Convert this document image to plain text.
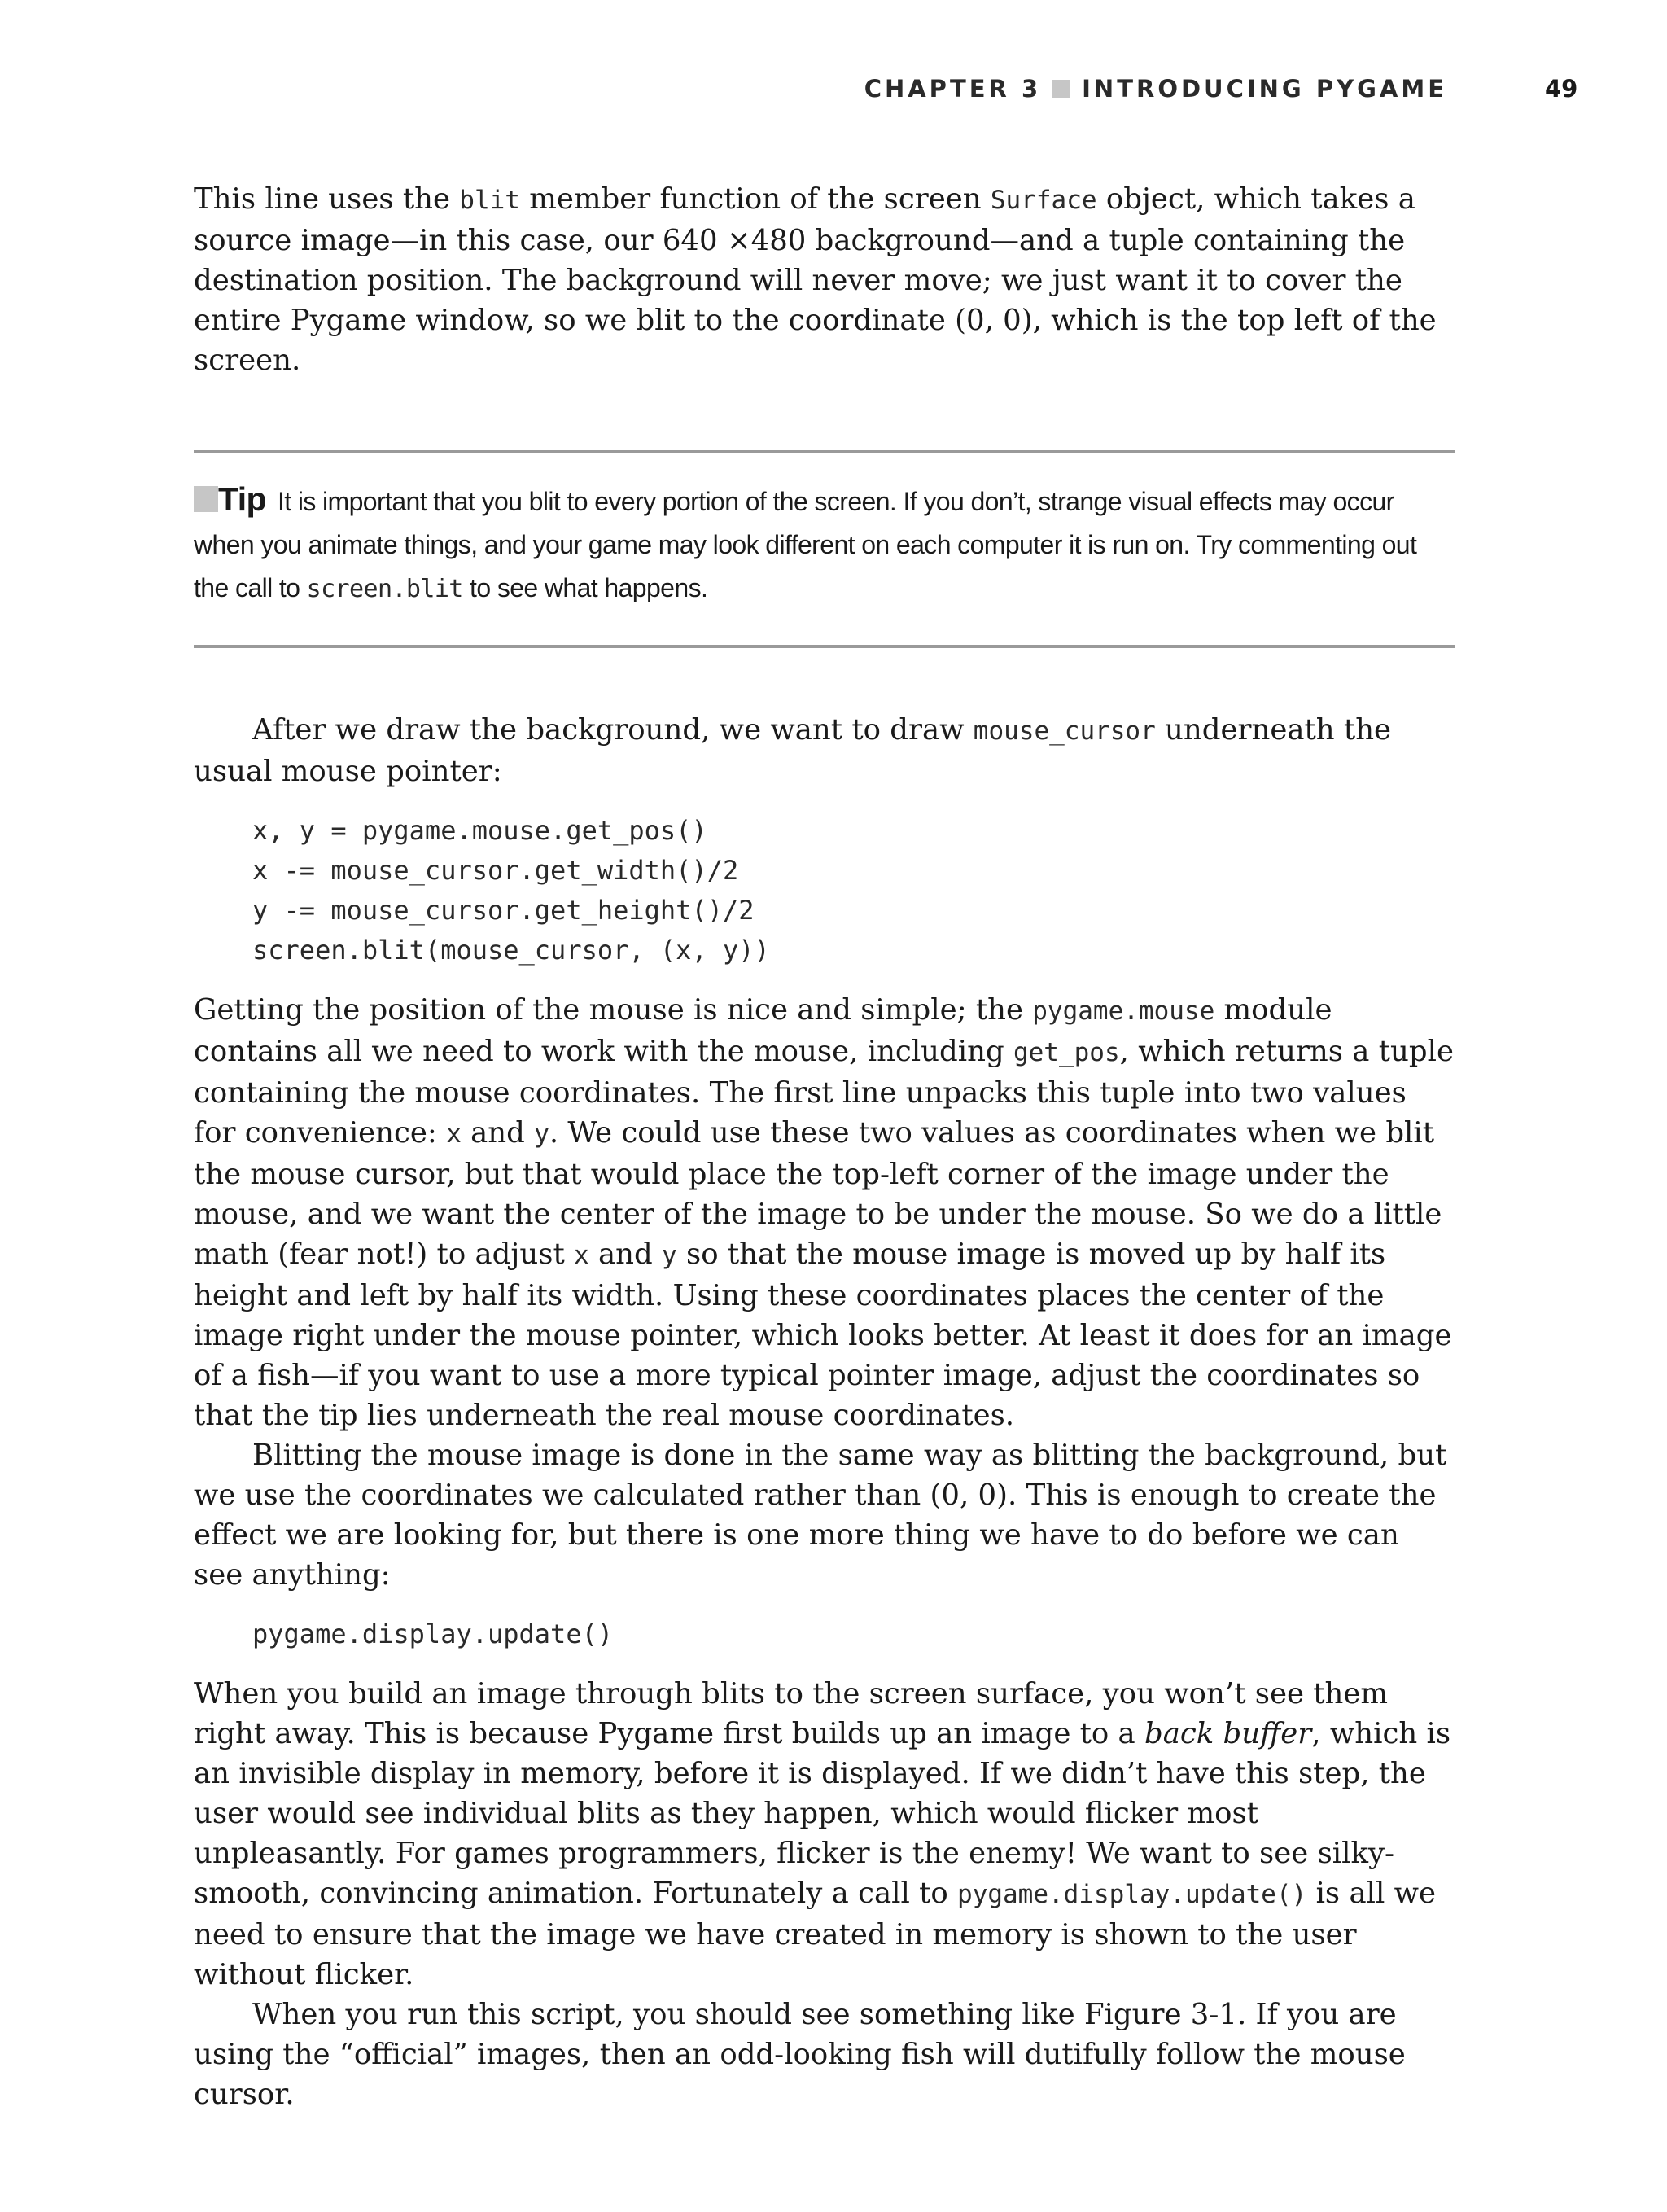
CHAPTER 3 INTRODUCING PYGAME	49

This line uses the blit member function of the screen Surface object, which takes a source image—in this case, our 640 ×480 background—and a tuple containing the destination position. The background will never move; we just want it to cover the entire Pygame window, so we blit to the coordinate (0, 0), which is the top left of the screen.

Tip It is important that you blit to every portion of the screen. If you don’t, strange visual effects may occur when you animate things, and your game may look different on each computer it is run on. Try commenting out the call to screen.blit to see what happens.

After we draw the background, we want to draw mouse_cursor underneath the usual mouse pointer:

x, y = pygame.mouse.get_pos()
x -= mouse_cursor.get_width()/2
y -= mouse_cursor.get_height()/2
screen.blit(mouse_cursor, (x, y))

Getting the position of the mouse is nice and simple; the pygame.mouse module contains all we need to work with the mouse, including get_pos, which returns a tuple containing the mouse coordinates. The first line unpacks this tuple into two values for convenience: x and y. We could use these two values as coordinates when we blit the mouse cursor, but that would place the top-left corner of the image under the mouse, and we want the center of the image to be under the mouse. So we do a little math (fear not!) to adjust x and y so that the mouse image is moved up by half its height and left by half its width. Using these coordinates places the center of the image right under the mouse pointer, which looks better. At least it does for an image of a fish—if you want to use a more typical pointer image, adjust the coordinates so that the tip lies underneath the real mouse coordinates.

Blitting the mouse image is done in the same way as blitting the background, but we use the coordinates we calculated rather than (0, 0). This is enough to create the effect we are looking for, but there is one more thing we have to do before we can see anything:

pygame.display.update()

When you build an image through blits to the screen surface, you won’t see them right away. This is because Pygame first builds up an image to a back buffer, which is an invisible display in memory, before it is displayed. If we didn’t have this step, the user would see individual blits as they happen, which would flicker most unpleasantly. For games programmers, flicker is the enemy! We want to see silky-smooth, convincing animation. Fortunately a call to pygame.display.update() is all we need to ensure that the image we have created in memory is shown to the user without flicker.

When you run this script, you should see something like Figure 3-1. If you are using the “official” images, then an odd-looking fish will dutifully follow the mouse cursor.
